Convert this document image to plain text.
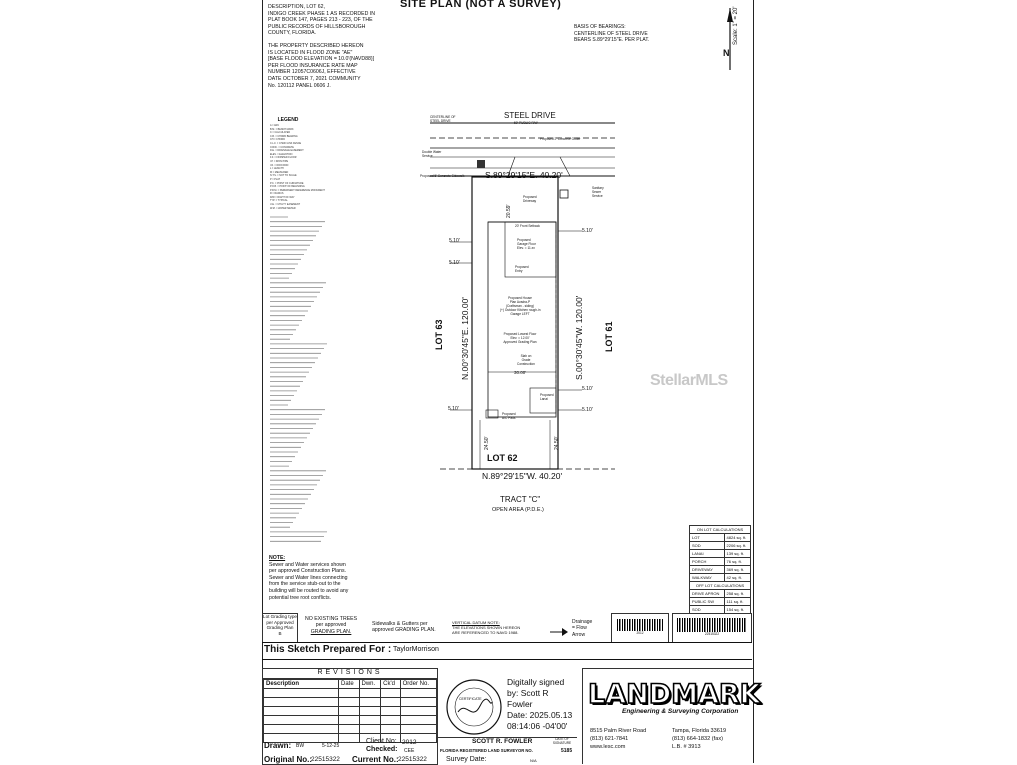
SITE PLAN (NOT A SURVEY)
DESCRIPTION, LOT 62,
INDIGO CREEK PHASE 1 AS RECORDED IN
PLAT BOOK 147, PAGES 213 - 223, OF THE
PUBLIC RECORDS OF HILLSBOROUGH
COUNTY, FLORIDA.
THE PROPERTY DESCRIBED HEREON
IS LOCATED IN FLOOD ZONE "AE"
[BASE FLOOD ELEVATION = 10.0'(NAVD88)]
PER FLOOD INSURANCE RATE MAP
NUMBER 12057C0606J, EFFECTIVE
DATE OCTOBER 7, 2021 COMMUNITY
No. 120112 PANEL 0606 J.
BASIS OF BEARINGS:
CENTERLINE OF STEEL DRIVE
BEARS S.89°29'15"E. PER PLAT.
N
Scale: 1" = 20'
LEGEND
A = ARC
B.M. = BENCH MARK
C = CALCULATED
C.B. = CHORD BEARING
CH = CHORD
C.L.F. = CHAIN LINK FENCE
CONC. = CONCRETE
D.E. = DRAINAGE EASEMENT
ELEV. = ELEVATION
F.F. = FINISHED FLOOR
I.P. = IRON PIPE
I.R. = IRON ROD
L = LENGTH
M = MEASURED
N.T.S. = NOT TO SCALE
P = PLAT
P.C. = POINT OF CURVATURE
P.O.B. = POINT OF BEGINNING
P.R.M. = PERMANENT REFERENCE MONUMENT
R = RADIUS
R/W = RIGHT OF WAY
TYP. = TYPICAL
U.E. = UTILITY EASEMENT
W.M. = WATER METER
NOTE:
Sewer and Water services shown
per approved Construction Plans.
Sewer and Water lines connecting
from the service stub-out to the
building will be routed to avoid any
potential tree root conflicts.
STEEL DRIVE
50' PUBLIC R/W
CENTERLINE OF STEEL DRIVE
Proposed 2' Concrete Gutter
Double Water Service
Proposed 5' Concrete Sidewalk
Sanitary Sewer Service
S.89°29'15"E. 40.20'
N.89°29'15"W. 40.20'
N.00°30'45"E. 120.00'	S.00°30'45"W. 120.00'
LOT 63	LOT 61
LOT 62
TRACT "C"
OPEN AREA (P.D.E.)
20' Front Setback
5.10'
5.10'
5.10'
5.10'
5.10'
5.10'
30.00'
24.50'	24.50'
20.59'
Proposed Driveway
Proposed Garage Floor Elev. = 11.xx
Proposed Entry
Proposed House
Plan Avadra-P
(Craftsman - siding)
(+) Outdoor Kitchen rough-in
Garage LEFT
Proposed Lowest Floor
Elev. = 12.00'
Approved Grading Plan
Slab on Grade Construction
Proposed Lanai
Proposed A/C Pads
StellarMLS
ON LOT CALCULATIONS	
LOT	4824 sq. ft.
SOD	2206 sq. ft.
LANAI	139 sq. ft.
PORCH	76 sq. ft.
DRIVEWAY	369 sq. ft.
WALKWAY	42 sq. ft.
OFF LOT CALCULATIONS	
DRIVE APRON	258 sq. ft.
PUBLIC SW	111 sq. ft.
SOD	154 sq. ft.
Lot Grading type
per Approved
Grading Plan
B
NO EXISTING TREES
per approved
GRADING PLAN.
Sidewalks & Gutters per
approved GRADING PLAN.
VERTICAL DATUM NOTE:
THE ELEVATIONS SHOWN HEREON
ARE REFERENCED TO NAVD 1988.
Drainage
= Flow
Arrow	2012	22515322
This Sketch Prepared For : TaylorMorrison
REVISIONS
Description	Date	Dwn.	Ck'd	Order No.

Drawn: BW	5-12-25
Original No.: 22515322
Client No: 2012
Checked: CEE
Current No.: 22515322
CERTIFICATE
Digitally signed
by: Scott R
Fowler
Date: 2025.05.13
08:14:06 -04'00'
SCOTT R. FOWLER
FLORIDA REGISTERED LAND SURVEYOR NO.	5185
DATE OF SIGNATURE
Survey Date:	N/A
LANDMARK
Engineering & Surveying Corporation
8515 Palm River Road
(813) 621-7841
www.lesc.com
Tampa, Florida 33619
(813) 664-1832 (fax)
L.B. # 3913
